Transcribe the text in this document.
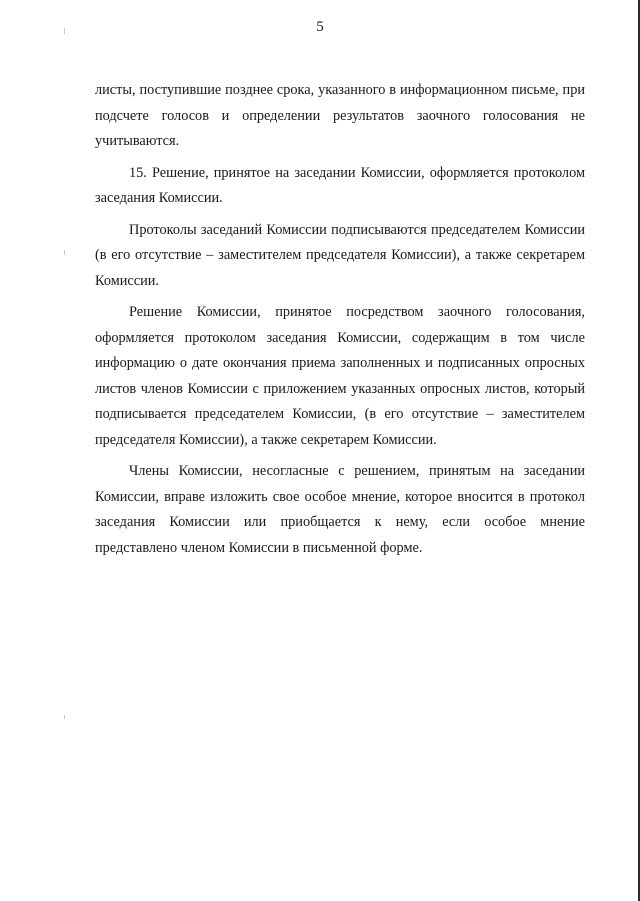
5

листы, поступившие позднее срока, указанного в информационном письме, при подсчете голосов и определении результатов заочного голосования не учитываются.

15. Решение, принятое на заседании Комиссии, оформляется протоколом заседания Комиссии.

Протоколы заседаний Комиссии подписываются председателем Комиссии (в его отсутствие – заместителем председателя Комиссии), а также секретарем Комиссии.

Решение Комиссии, принятое посредством заочного голосования, оформляется протоколом заседания Комиссии, содержащим в том числе информацию о дате окончания приема заполненных и подписанных опросных листов членов Комиссии с приложением указанных опросных листов, который подписывается председателем Комиссии, (в его отсутствие – заместителем председателя Комиссии), а также секретарем Комиссии.

Члены Комиссии, несогласные с решением, принятым на заседании Комиссии, вправе изложить свое особое мнение, которое вносится в протокол заседания Комиссии или приобщается к нему, если особое мнение представлено членом Комиссии в письменной форме.
